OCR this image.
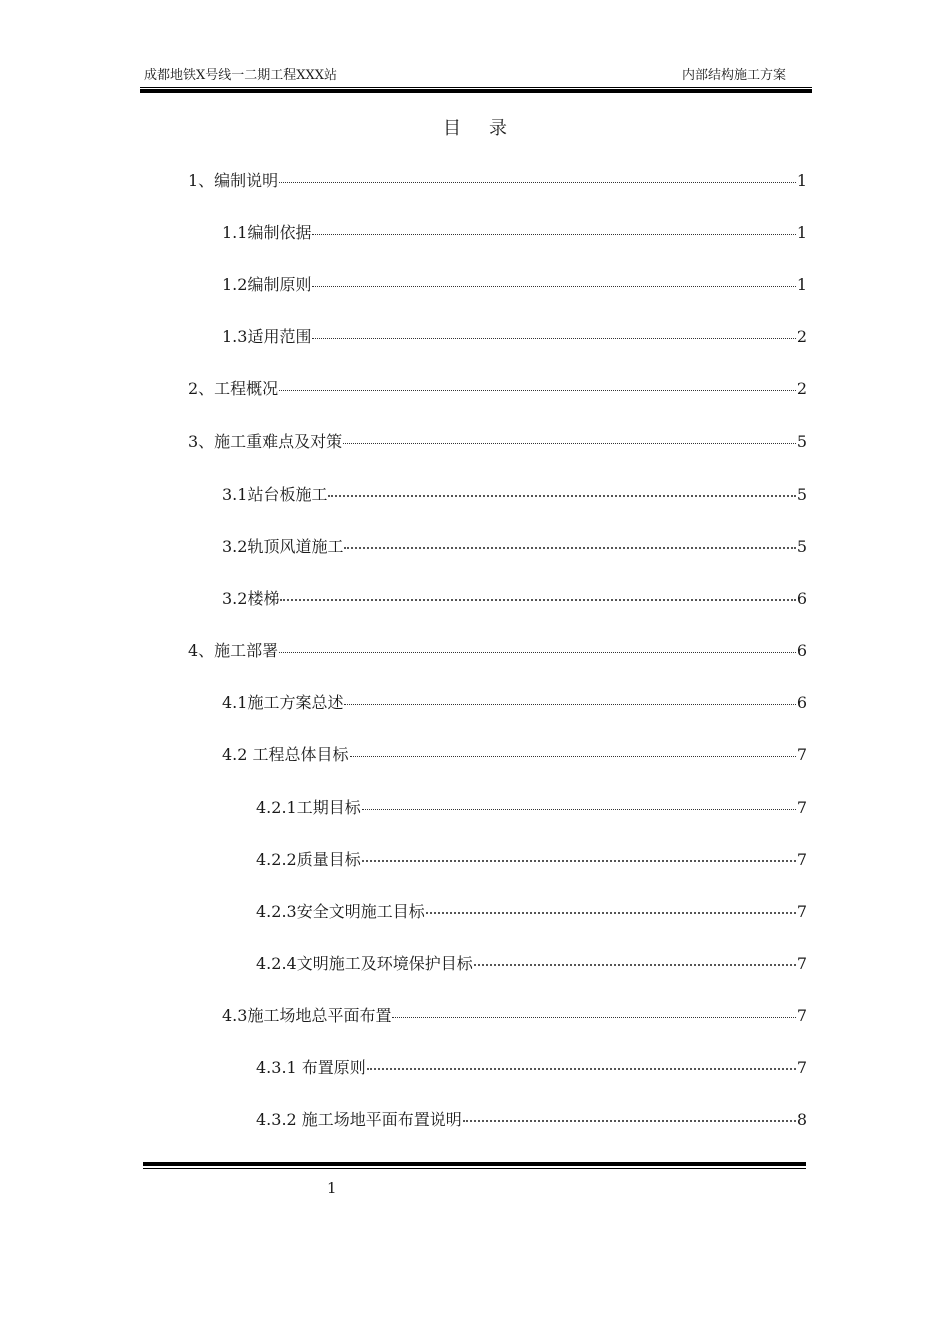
成都地铁X号线一二期工程XXX站	内部结构施工方案
目录
1、编制说明	1
1.1编制依据	1
1.2编制原则	1
1.3适用范围	2
2、工程概况	2
3、施工重难点及对策	5
3.1站台板施工	5
3.2轨顶风道施工	5
3.2楼梯	6
4、施工部署	6
4.1施工方案总述	6
4.2 工程总体目标	7
4.2.1工期目标	7
4.2.2质量目标	7
4.2.3安全文明施工目标	7
4.2.4文明施工及环境保护目标	7
4.3施工场地总平面布置	7
4.3.1 布置原则	7
4.3.2 施工场地平面布置说明	8
1
